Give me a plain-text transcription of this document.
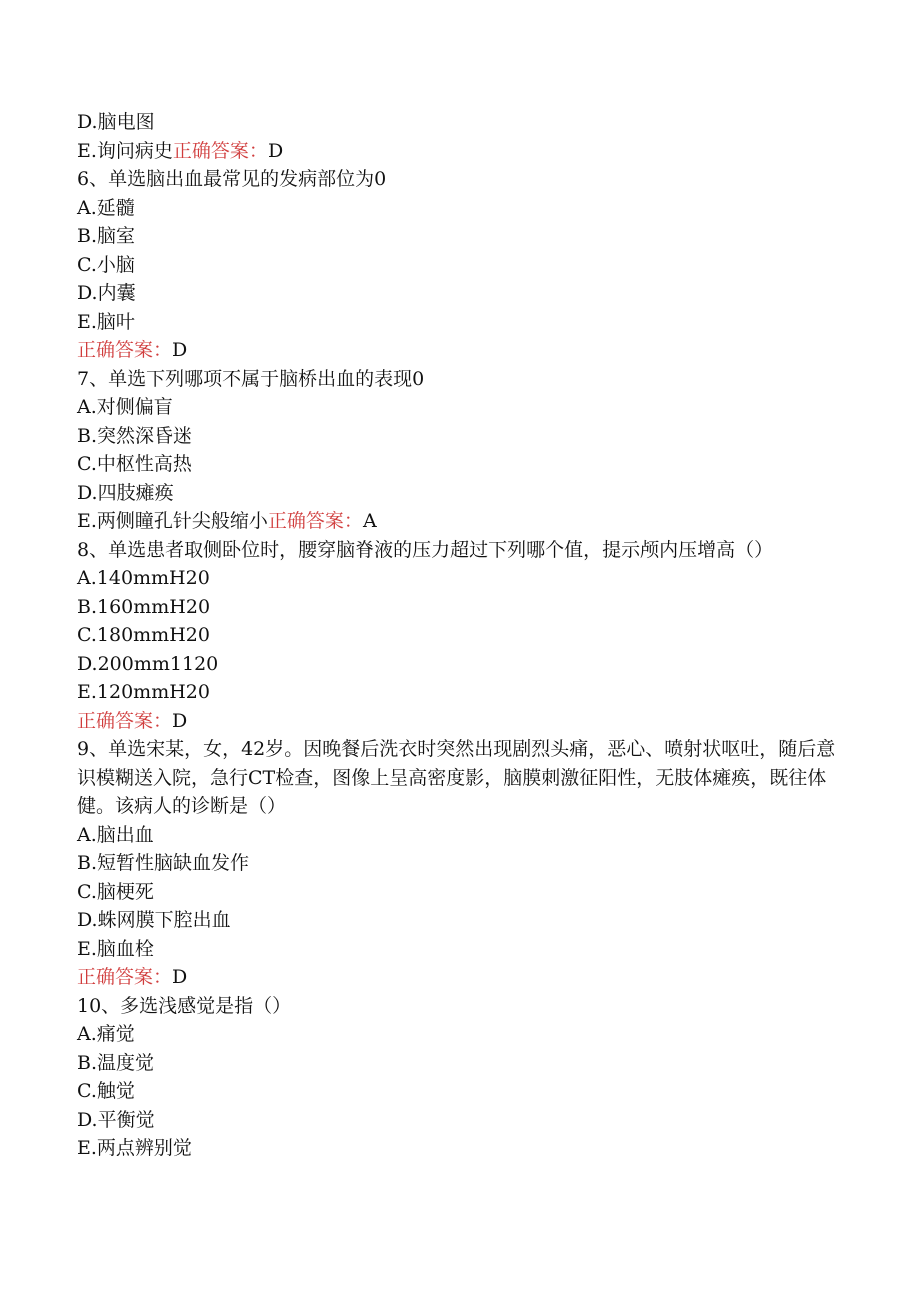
D.脑电图
E.询问病史正确答案：D
6、单选脑出血最常见的发病部位为0
A.延髓
B.脑室
C.小脑
D.内囊
E.脑叶
正确答案：D
7、单选下列哪项不属于脑桥出血的表现0
A.对侧偏盲
B.突然深昏迷
C.中枢性高热
D.四肢瘫痪
E.两侧瞳孔针尖般缩小正确答案：A
8、单选患者取侧卧位时，腰穿脑脊液的压力超过下列哪个值，提示颅内压增高（）
A.140mmH20
B.160mmH20
C.180mmH20
D.200mm1120
E.120mmH20
正确答案：D
9、单选宋某，女，42岁。因晚餐后洗衣时突然出现剧烈头痛，恶心、喷射状呕吐，随后意识模糊送入院，急行CT检查，图像上呈高密度影，脑膜刺激征阳性，无肢体瘫痪，既往体健。该病人的诊断是（）
A.脑出血
B.短暂性脑缺血发作
C.脑梗死
D.蛛网膜下腔出血
E.脑血栓
正确答案：D
10、多选浅感觉是指（）
A.痛觉
B.温度觉
C.触觉
D.平衡觉
E.两点辨别觉
